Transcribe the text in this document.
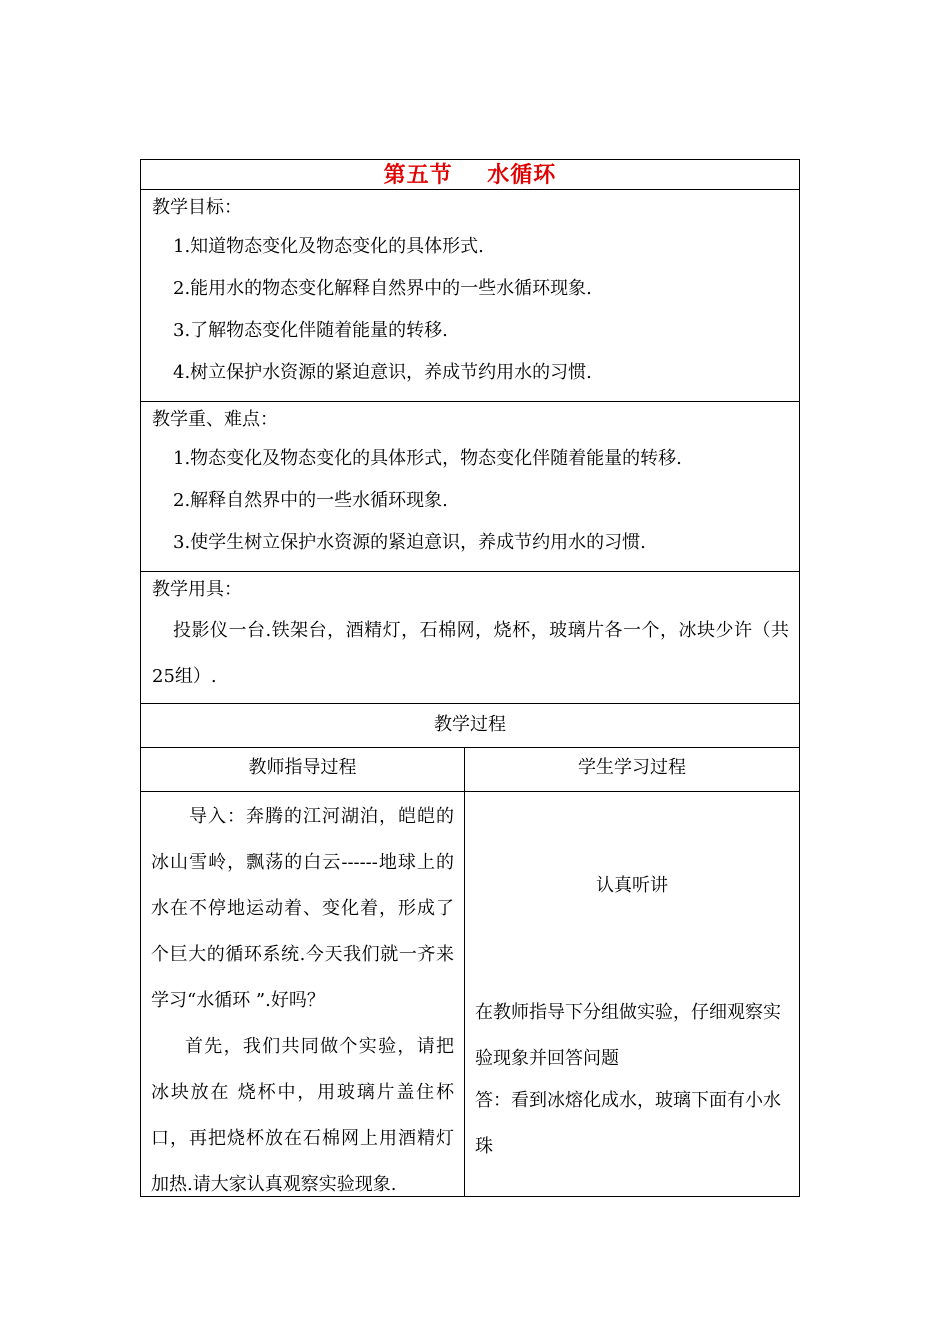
第五节    水循环
教学目标：
1.知道物态变化及物态变化的具体形式.
2.能用水的物态变化解释自然界中的一些水循环现象.
3.了解物态变化伴随着能量的转移.
4.树立保护水资源的紧迫意识，养成节约用水的习惯.
教学重、难点：
1.物态变化及物态变化的具体形式，物态变化伴随着能量的转移.
2.解释自然界中的一些水循环现象.
3.使学生树立保护水资源的紧迫意识，养成节约用水的习惯.
教学用具：
投影仪一台.铁架台，酒精灯，石棉网，烧杯，玻璃片各一个，冰块少许（共25组）.
教学过程
教师指导过程	学生学习过程
导入：奔腾的江河湖泊，皑皑的冰山雪岭，飘荡的白云------地球上的水在不停地运动着、变化着，形成了个巨大的循环系统.今天我们就一齐来学习“水循环 ”.好吗？
首先，我们共同做个实验，请把冰块放在 烧杯中，用玻璃片盖住杯口，再把烧杯放在石棉网上用酒精灯加热.请大家认真观察实验现象.
认真听讲
在教师指导下分组做实验，仔细观察实验现象并回答问题
答：看到冰熔化成水，玻璃下面有小水珠
